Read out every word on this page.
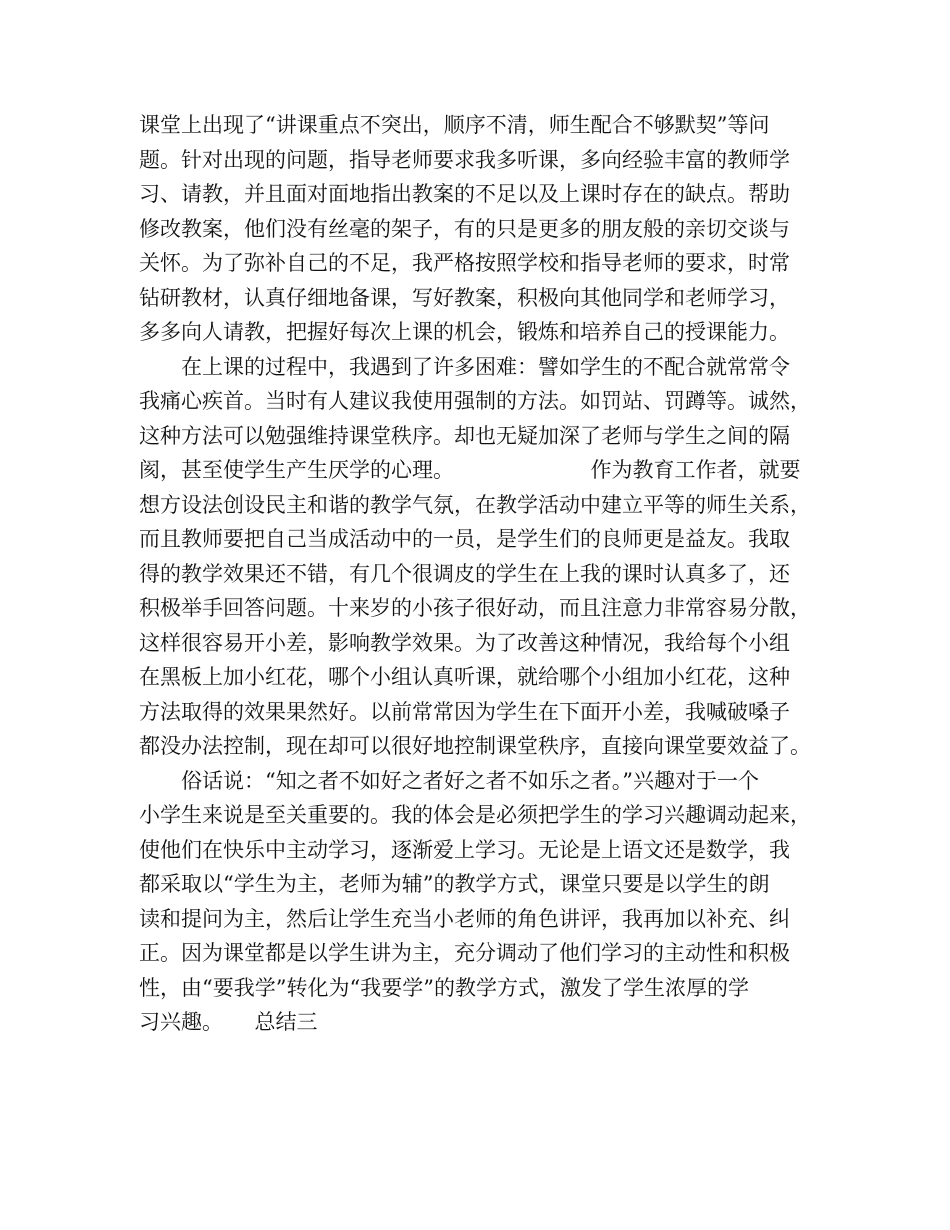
课堂上出现了“讲课重点不突出，顺序不清，师生配合不够默契”等问
题。针对出现的问题，指导老师要求我多听课，多向经验丰富的教师学
习、请教，并且面对面地指出教案的不足以及上课时存在的缺点。帮助
修改教案，他们没有丝毫的架子，有的只是更多的朋友般的亲切交谈与
关怀。为了弥补自己的不足，我严格按照学校和指导老师的要求，时常
钻研教材，认真仔细地备课，写好教案，积极向其他同学和老师学习，
多多向人请教，把握好每次上课的机会，锻炼和培养自己的授课能力。
　　在上课的过程中，我遇到了许多困难：譬如学生的不配合就常常令
我痛心疾首。当时有人建议我使用强制的方法。如罚站、罚蹲等。诚然，
这种方法可以勉强维持课堂秩序。却也无疑加深了老师与学生之间的隔
阂，甚至使学生产生厌学的心理。　　　　　　　作为教育工作者，就要
想方设法创设民主和谐的教学气氛，在教学活动中建立平等的师生关系，
而且教师要把自己当成活动中的一员，是学生们的良师更是益友。我取
得的教学效果还不错，有几个很调皮的学生在上我的课时认真多了，还
积极举手回答问题。十来岁的小孩子很好动，而且注意力非常容易分散，
这样很容易开小差，影响教学效果。为了改善这种情况，我给每个小组
在黑板上加小红花，哪个小组认真听课，就给哪个小组加小红花，这种
方法取得的效果果然好。以前常常因为学生在下面开小差，我喊破嗓子
都没办法控制，现在却可以很好地控制课堂秩序，直接向课堂要效益了。
　　俗话说：“知之者不如好之者好之者不如乐之者。”兴趣对于一个
小学生来说是至关重要的。我的体会是必须把学生的学习兴趣调动起来，
使他们在快乐中主动学习，逐渐爱上学习。无论是上语文还是数学，我
都采取以“学生为主，老师为辅”的教学方式，课堂只要是以学生的朗
读和提问为主，然后让学生充当小老师的角色讲评，我再加以补充、纠
正。因为课堂都是以学生讲为主，充分调动了他们学习的主动性和积极
性，由“要我学”转化为“我要学”的教学方式，激发了学生浓厚的学
习兴趣。　　总结三
